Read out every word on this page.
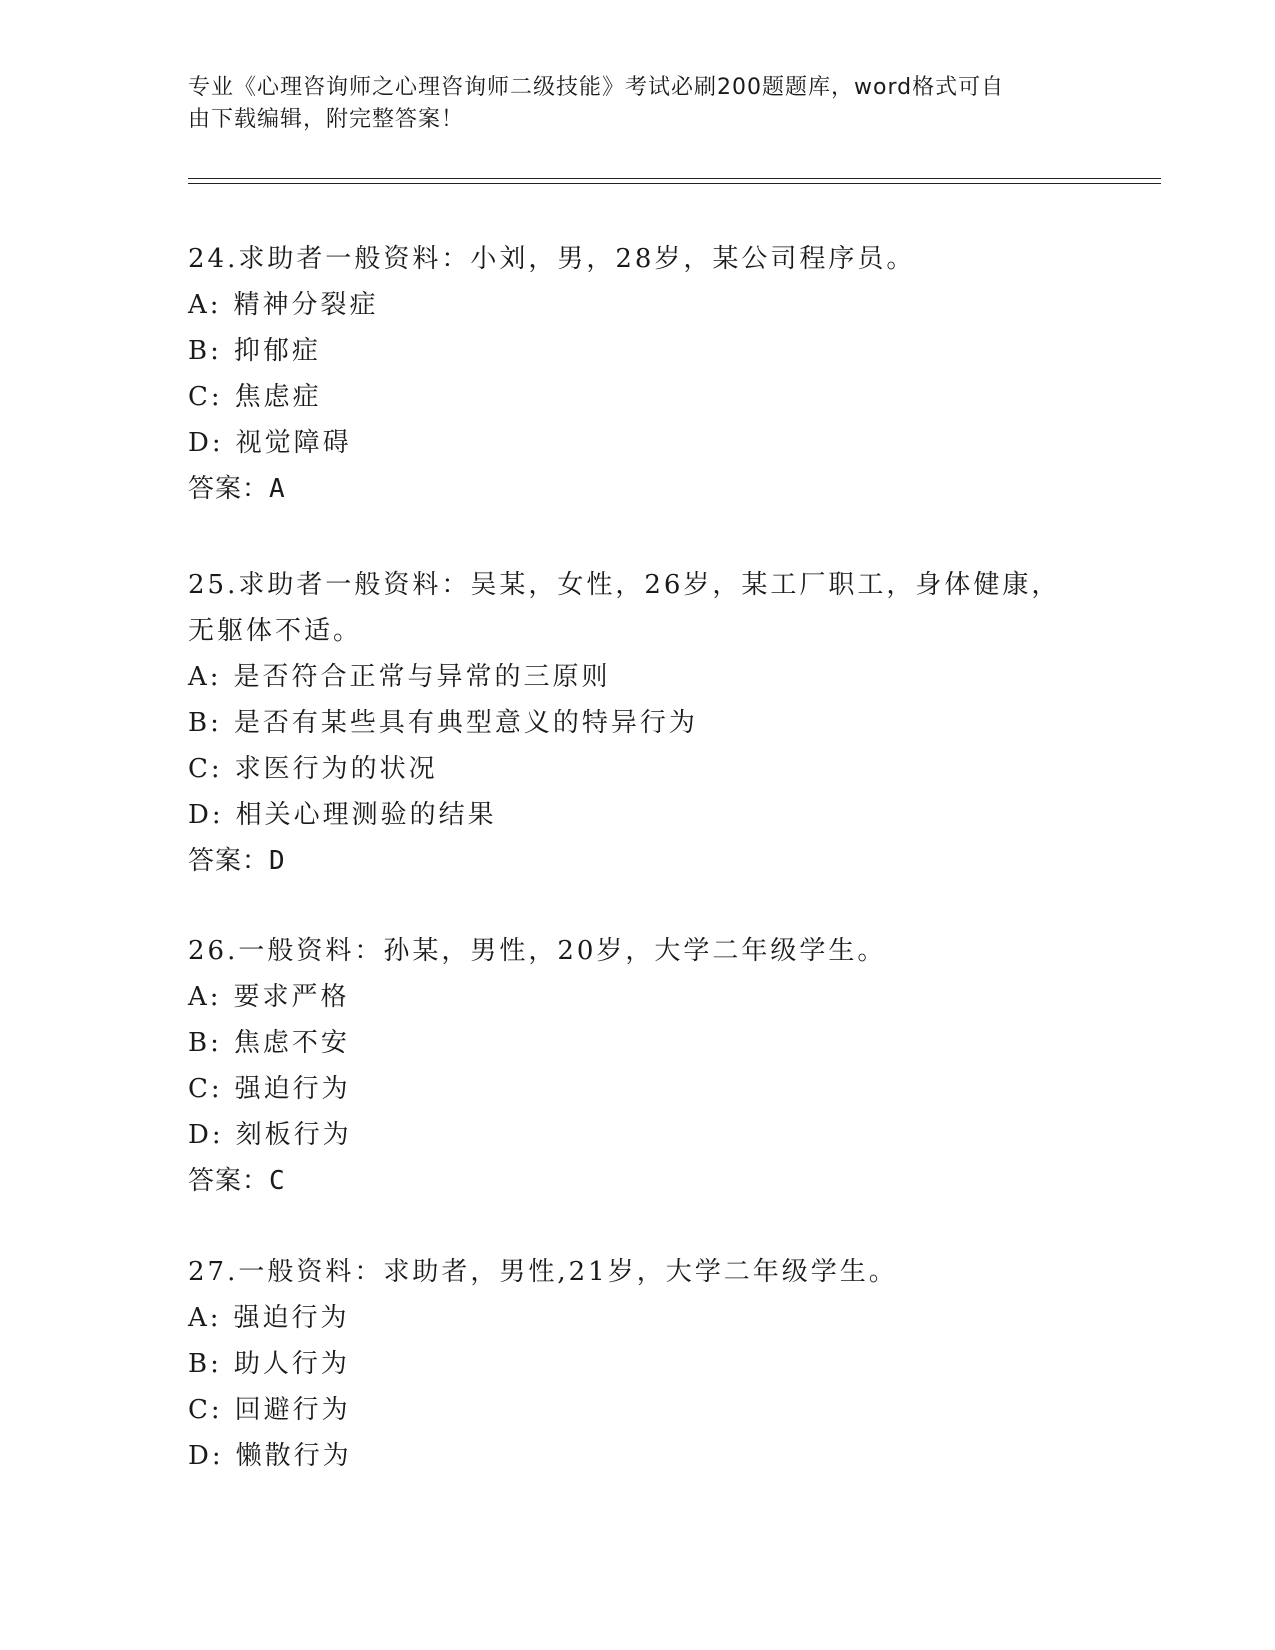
专业《心理咨询师之心理咨询师二级技能》考试必刷200题题库，word格式可自
由下载编辑，附完整答案！
24.求助者一般资料：小刘，男，28岁，某公司程序员。
A: 精神分裂症
B: 抑郁症
C: 焦虑症
D: 视觉障碍
答案：A
25.求助者一般资料：吴某，女性，26岁，某工厂职工，身体健康，无躯体不适。
A: 是否符合正常与异常的三原则
B: 是否有某些具有典型意义的特异行为
C: 求医行为的状况
D: 相关心理测验的结果
答案：D
26.一般资料：孙某，男性，20岁，大学二年级学生。
A: 要求严格
B: 焦虑不安
C: 强迫行为
D: 刻板行为
答案：C
27.一般资料：求助者，男性,21岁，大学二年级学生。
A: 强迫行为
B: 助人行为
C: 回避行为
D: 懒散行为
